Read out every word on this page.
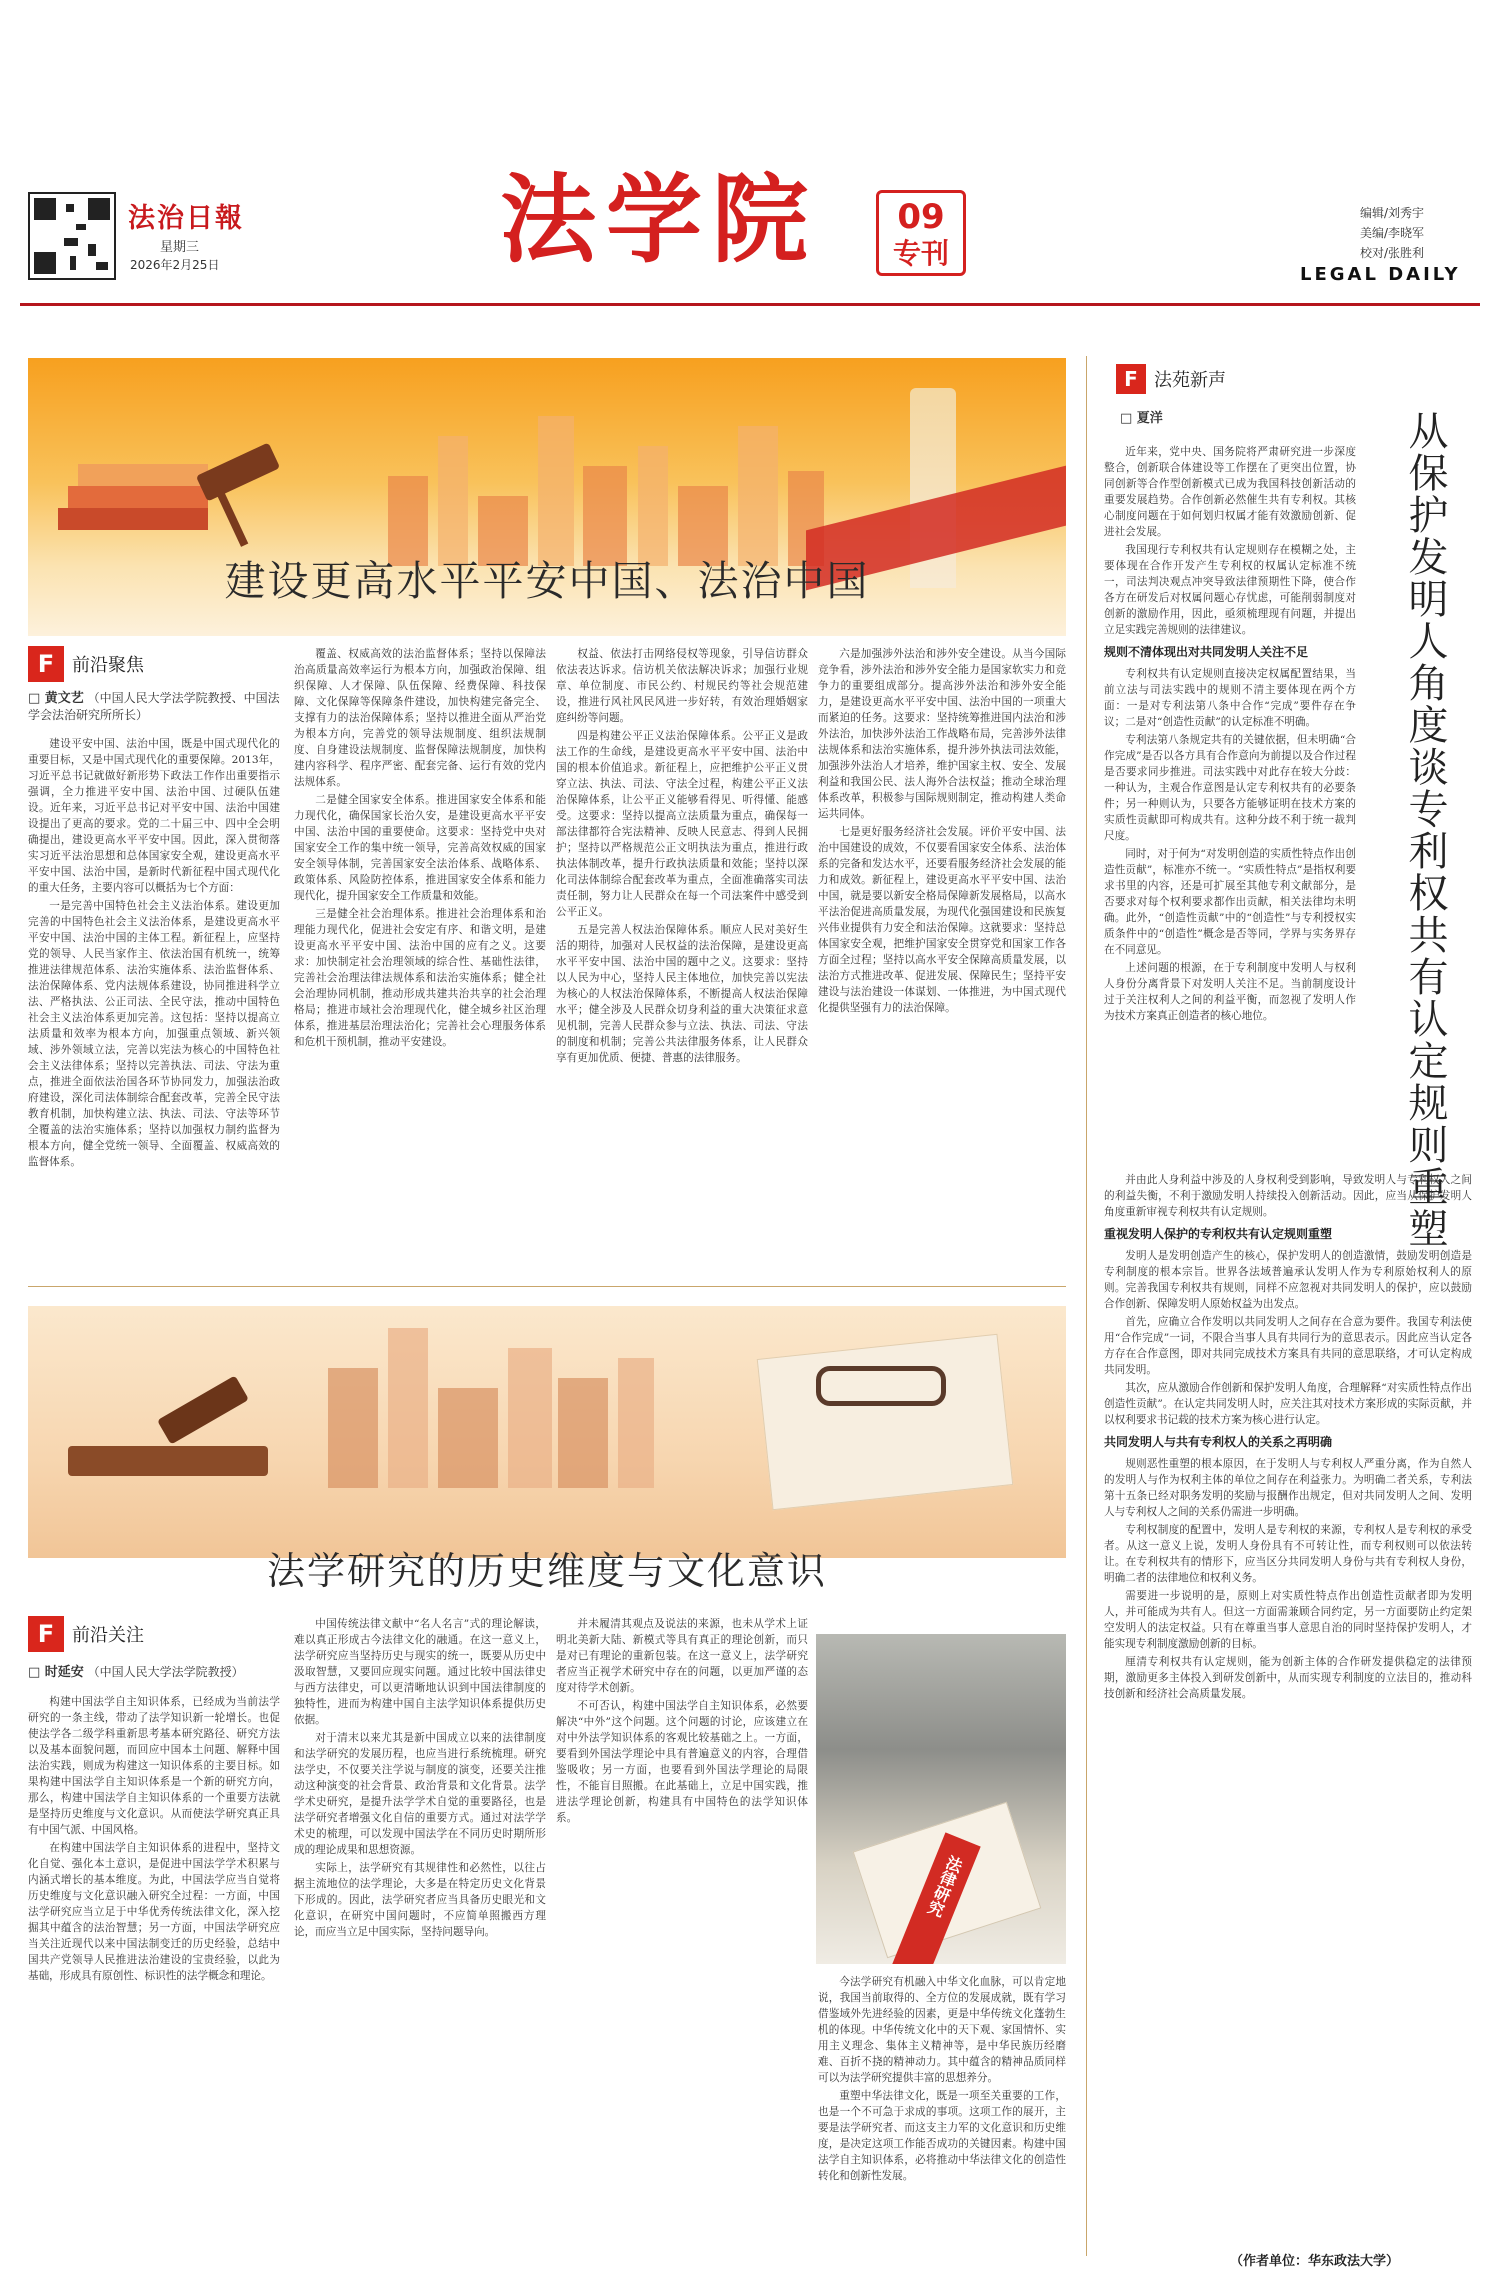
法治日報
星期三
2026年2月25日	法学院	09
专刊
编辑/刘秀宇
美编/李晓军
校对/张胜利
LEGAL DAILY
建设更高水平平安中国、法治中国
F 前沿聚焦
□ 黄文艺 （中国人民大学法学院教授、中国法学会法治研究所所长）

建设平安中国、法治中国，既是中国式现代化的重要目标，又是中国式现代化的重要保障。2013年，习近平总书记就做好新形势下政法工作作出重要指示强调，全力推进平安中国、法治中国、过硬队伍建设。近年来，习近平总书记对平安中国、法治中国建设提出了更高的要求。党的二十届三中、四中全会明确提出，建设更高水平平安中国。因此，深入贯彻落实习近平法治思想和总体国家安全观，建设更高水平平安中国、法治中国，是新时代新征程中国式现代化的重大任务，主要内容可以概括为七个方面：

一是完善中国特色社会主义法治体系。建设更加完善的中国特色社会主义法治体系，是建设更高水平平安中国、法治中国的主体工程。新征程上，应坚持党的领导、人民当家作主、依法治国有机统一，统筹推进法律规范体系、法治实施体系、法治监督体系、法治保障体系、党内法规体系建设，协同推进科学立法、严格执法、公正司法、全民守法，推动中国特色社会主义法治体系更加完善。这包括：坚持以提高立法质量和效率为根本方向，加强重点领域、新兴领域、涉外领域立法，完善以宪法为核心的中国特色社会主义法律体系；坚持以完善执法、司法、守法为重点，推进全面依法治国各环节协同发力，加强法治政府建设，深化司法体制综合配套改革，完善全民守法教育机制，加快构建立法、执法、司法、守法等环节全覆盖的法治实施体系；坚持以加强权力制约监督为根本方向，健全党统一领导、全面覆盖、权威高效的监督体系。

覆盖、权威高效的法治监督体系；坚持以保障法治高质量高效率运行为根本方向，加强政治保障、组织保障、人才保障、队伍保障、经费保障、科技保障、文化保障等保障条件建设，加快构建完备完全、支撑有力的法治保障体系；坚持以推进全面从严治党为根本方向，完善党的领导法规制度、组织法规制度、自身建设法规制度、监督保障法规制度，加快构建内容科学、程序严密、配套完备、运行有效的党内法规体系。

二是健全国家安全体系。推进国家安全体系和能力现代化，确保国家长治久安，是建设更高水平平安中国、法治中国的重要使命。这要求：坚持党中央对国家安全工作的集中统一领导，完善高效权威的国家安全领导体制，完善国家安全法治体系、战略体系、政策体系、风险防控体系，推进国家安全体系和能力现代化，提升国家安全工作质量和效能。

三是健全社会治理体系。推进社会治理体系和治理能力现代化，促进社会安定有序、和谐文明，是建设更高水平平安中国、法治中国的应有之义。这要求：加快制定社会治理领域的综合性、基础性法律，完善社会治理法律法规体系和法治实施体系；健全社会治理协同机制，推动形成共建共治共享的社会治理格局；推进市域社会治理现代化，健全城乡社区治理体系，推进基层治理法治化；完善社会心理服务体系和危机干预机制，推动平安建设。

权益、依法打击网络侵权等现象，引导信访群众依法表达诉求。信访机关依法解决诉求；加强行业规章、单位制度、市民公约、村规民约等社会规范建设，推进行风社风民风进一步好转，有效治理婚姻家庭纠纷等问题。

四是构建公平正义法治保障体系。公平正义是政法工作的生命线，是建设更高水平平安中国、法治中国的根本价值追求。新征程上，应把维护公平正义贯穿立法、执法、司法、守法全过程，构建公平正义法治保障体系，让公平正义能够看得见、听得懂、能感受。这要求：坚持以提高立法质量为重点，确保每一部法律都符合宪法精神、反映人民意志、得到人民拥护；坚持以严格规范公正文明执法为重点，推进行政执法体制改革，提升行政执法质量和效能；坚持以深化司法体制综合配套改革为重点，全面准确落实司法责任制，努力让人民群众在每一个司法案件中感受到公平正义。

五是完善人权法治保障体系。顺应人民对美好生活的期待，加强对人民权益的法治保障，是建设更高水平平安中国、法治中国的题中之义。这要求：坚持以人民为中心，坚持人民主体地位，加快完善以宪法为核心的人权法治保障体系，不断提高人权法治保障水平；健全涉及人民群众切身利益的重大决策征求意见机制，完善人民群众参与立法、执法、司法、守法的制度和机制；完善公共法律服务体系，让人民群众享有更加优质、便捷、普惠的法律服务。

六是加强涉外法治和涉外安全建设。从当今国际竞争看，涉外法治和涉外安全能力是国家软实力和竞争力的重要组成部分。提高涉外法治和涉外安全能力，是建设更高水平平安中国、法治中国的一项重大而紧迫的任务。这要求：坚持统筹推进国内法治和涉外法治，加快涉外法治工作战略布局，完善涉外法律法规体系和法治实施体系，提升涉外执法司法效能，加强涉外法治人才培养，维护国家主权、安全、发展利益和我国公民、法人海外合法权益；推动全球治理体系改革，积极参与国际规则制定，推动构建人类命运共同体。

七是更好服务经济社会发展。评价平安中国、法治中国建设的成效，不仅要看国家安全体系、法治体系的完备和发达水平，还要看服务经济社会发展的能力和成效。新征程上，建设更高水平平安中国、法治中国，就是要以新安全格局保障新发展格局，以高水平法治促进高质量发展，为现代化强国建设和民族复兴伟业提供有力安全和法治保障。这就要求：坚持总体国家安全观，把维护国家安全贯穿党和国家工作各方面全过程；坚持以高水平安全保障高质量发展，以法治方式推进改革、促进发展、保障民生；坚持平安建设与法治建设一体谋划、一体推进，为中国式现代化提供坚强有力的法治保障。

法学研究的历史维度与文化意识
F 前沿关注
□ 时延安 （中国人民大学法学院教授）

构建中国法学自主知识体系，已经成为当前法学研究的一条主线，带动了法学知识新一轮增长。也促使法学各二级学科重新思考基本研究路径、研究方法以及基本面貌问题，而回应中国本土问题、解释中国法治实践，则成为构建这一知识体系的主要目标。如果构建中国法学自主知识体系是一个新的研究方向，那么，构建中国法学自主知识体系的一个重要方法就是坚持历史维度与文化意识。从而使法学研究真正具有中国气派、中国风格。

在构建中国法学自主知识体系的进程中，坚持文化自觉、强化本土意识，是促进中国法学学术积累与内涵式增长的基本维度。为此，中国法学应当自觉将历史维度与文化意识融入研究全过程：一方面，中国法学研究应当立足于中华优秀传统法律文化，深入挖掘其中蕴含的法治智慧；另一方面，中国法学研究应当关注近现代以来中国法制变迁的历史经验，总结中国共产党领导人民推进法治建设的宝贵经验，以此为基础，形成具有原创性、标识性的法学概念和理论。

中国传统法律文献中“名人名言”式的理论解读，难以真正形成古今法律文化的融通。在这一意义上，法学研究应当坚持历史与现实的统一，既要从历史中汲取智慧，又要回应现实问题。通过比较中国法律史与西方法律史，可以更清晰地认识到中国法律制度的独特性，进而为构建中国自主法学知识体系提供历史依据。

对于清末以来尤其是新中国成立以来的法律制度和法学研究的发展历程，也应当进行系统梳理。研究法学史，不仅要关注学说与制度的演变，还要关注推动这种演变的社会背景、政治背景和文化背景。法学学术史研究，是提升法学学术自觉的重要路径，也是法学研究者增强文化自信的重要方式。通过对法学学术史的梳理，可以发现中国法学在不同历史时期所形成的理论成果和思想资源。

实际上，法学研究有其规律性和必然性，以往占据主流地位的法学理论，大多是在特定历史文化背景下形成的。因此，法学研究者应当具备历史眼光和文化意识，在研究中国问题时，不应简单照搬西方理论，而应当立足中国实际，坚持问题导向。

并未履清其观点及说法的来源，也未从学术上证明北美新大陆、新模式等具有真正的理论创新，而只是对已有理论的重新包装。在这一意义上，法学研究者应当正视学术研究中存在的问题，以更加严谨的态度对待学术创新。

不可否认，构建中国法学自主知识体系，必然要解决“中外”这个问题。这个问题的讨论，应该建立在对中外法学知识体系的客观比较基础之上。一方面，要看到外国法学理论中具有普遍意义的内容，合理借鉴吸收；另一方面，也要看到外国法学理论的局限性，不能盲目照搬。在此基础上，立足中国实践，推进法学理论创新，构建具有中国特色的法学知识体系。

法律研究

今法学研究有机融入中华文化血脉，可以肯定地说，我国当前取得的、全方位的发展成就，既有学习借鉴域外先进经验的因素，更是中华传统文化蓬勃生机的体现。中华传统文化中的天下观、家国情怀、实用主义理念、集体主义精神等，是中华民族历经磨难、百折不挠的精神动力。其中蕴含的精神品质同样可以为法学研究提供丰富的思想养分。

重塑中华法律文化，既是一项至关重要的工作，也是一个不可急于求成的事项。这项工作的展开，主要是法学研究者、而这支主力军的文化意识和历史维度，是决定这项工作能否成功的关键因素。构建中国法学自主知识体系，必将推动中华法律文化的创造性转化和创新性发展。

F 法苑新声
□ 夏洋	从保护发明人角度谈专利权共有认定规则重塑

近年来，党中央、国务院将严肃研究进一步深度整合，创新联合体建设等工作摆在了更突出位置，协同创新等合作型创新模式已成为我国科技创新活动的重要发展趋势。合作创新必然催生共有专利权。其核心制度问题在于如何划归权属才能有效激励创新、促进社会发展。

我国现行专利权共有认定规则存在模糊之处，主要体现在合作开发产生专利权的权属认定标准不统一，司法判决观点冲突导致法律预期性下降，使合作各方在研发后对权属问题心存忧虑，可能削弱制度对创新的激励作用，因此，亟须梳理现有问题，并提出立足实践完善规则的法律建议。

规则不清体现出对共同发明人关注不足

专利权共有认定规则直接决定权属配置结果，当前立法与司法实践中的规则不清主要体现在两个方面：一是对专利法第八条中合作“完成”要件存在争议；二是对“创造性贡献”的认定标准不明确。

专利法第八条规定共有的关键依据，但未明确“合作完成”是否以各方具有合作意向为前提以及合作过程是否要求同步推进。司法实践中对此存在较大分歧：一种认为，主观合作意图是认定专利权共有的必要条件；另一种则认为，只要各方能够证明在技术方案的实质性贡献即可构成共有。这种分歧不利于统一裁判尺度。

同时，对于何为“对发明创造的实质性特点作出创造性贡献”，标准亦不统一。“实质性特点”是指权利要求书里的内容，还是可扩展至其他专利文献部分，是否要求对每个权利要求都作出贡献，相关法律均未明确。此外，“创造性贡献”中的“创造性”与专利授权实质条件中的“创造性”概念是否等同，学界与实务界存在不同意见。

上述问题的根源，在于专利制度中发明人与权利人身份分离背景下对发明人关注不足。当前制度设计过于关注权利人之间的利益平衡，而忽视了发明人作为技术方案真正创造者的核心地位。

并由此人身利益中涉及的人身权利受到影响，导致发明人与专利权人之间的利益失衡，不利于激励发明人持续投入创新活动。因此，应当从保护发明人角度重新审视专利权共有认定规则。

重视发明人保护的专利权共有认定规则重塑

发明人是发明创造产生的核心，保护发明人的创造激情，鼓励发明创造是专利制度的根本宗旨。世界各法域普遍承认发明人作为专利原始权利人的原则。完善我国专利权共有规则，同样不应忽视对共同发明人的保护，应以鼓励合作创新、保障发明人原始权益为出发点。

首先，应确立合作发明以共同发明人之间存在合意为要件。我国专利法使用“合作完成”一词，不限合当事人具有共同行为的意思表示。因此应当认定各方存在合作意图，即对共同完成技术方案具有共同的意思联络，才可认定构成共同发明。

其次，应从激励合作创新和保护发明人角度，合理解释“对实质性特点作出创造性贡献”。在认定共同发明人时，应关注其对技术方案形成的实际贡献，并以权利要求书记载的技术方案为核心进行认定。

共同发明人与共有专利权人的关系之再明确

规则恶性重塑的根本原因，在于发明人与专利权人严重分离，作为自然人的发明人与作为权利主体的单位之间存在利益张力。为明确二者关系，专利法第十五条已经对职务发明的奖励与报酬作出规定，但对共同发明人之间、发明人与专利权人之间的关系仍需进一步明确。

专利权制度的配置中，发明人是专利权的来源，专利权人是专利权的承受者。从这一意义上说，发明人身份具有不可转让性，而专利权则可以依法转让。在专利权共有的情形下，应当区分共同发明人身份与共有专利权人身份，明确二者的法律地位和权利义务。

需要进一步说明的是，原则上对实质性特点作出创造性贡献者即为发明人，并可能成为共有人。但这一方面需兼顾合同约定，另一方面要防止约定架空发明人的法定权益。只有在尊重当事人意思自治的同时坚持保护发明人，才能实现专利制度激励创新的目标。

厘清专利权共有认定规则，能为创新主体的合作研发提供稳定的法律预期，激励更多主体投入到研发创新中，从而实现专利制度的立法目的，推动科技创新和经济社会高质量发展。

（作者单位：华东政法大学）
